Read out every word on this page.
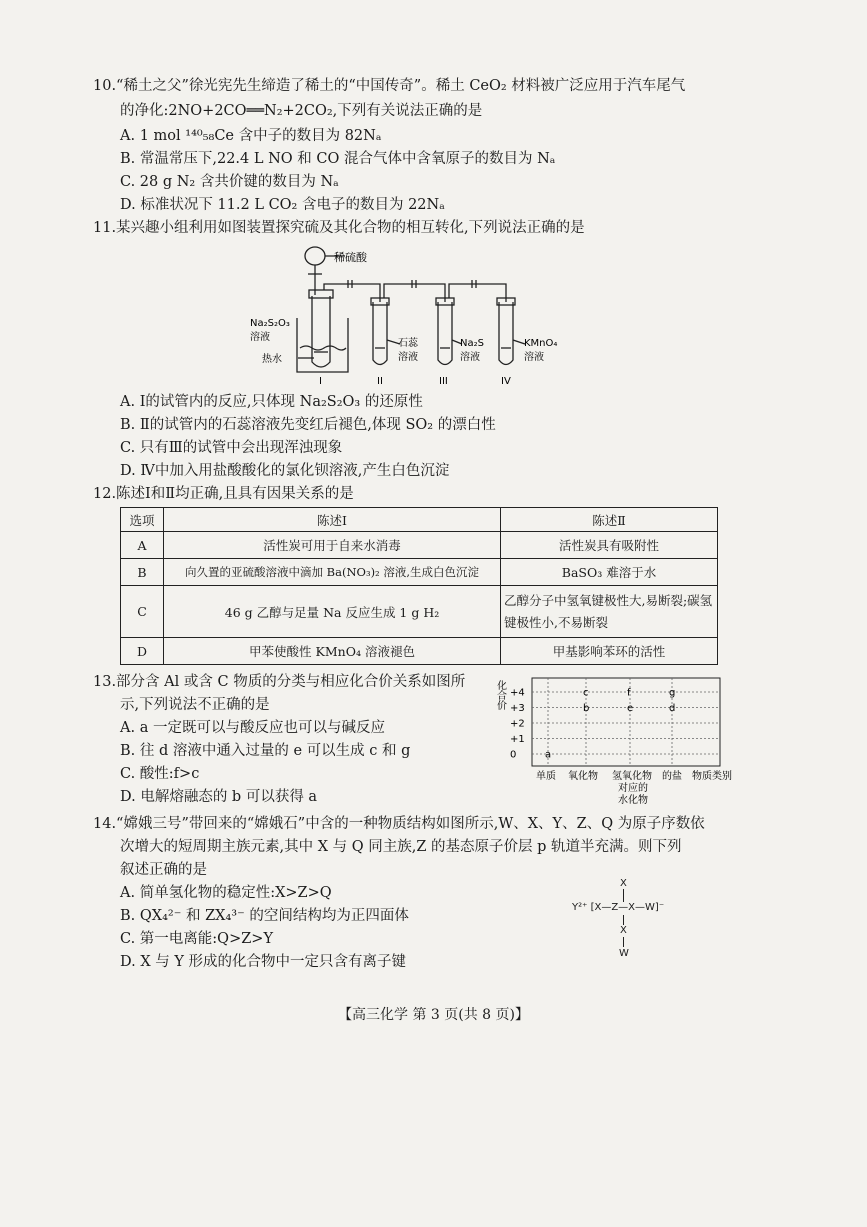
10.“稀土之父”徐光宪先生缔造了稀土的“中国传奇”。稀土 CeO₂ 材料被广泛应用于汽车尾气
的净化:2NO+2CO══N₂+2CO₂,下列有关说法正确的是
A. 1 mol ¹⁴⁰₅₈Ce 含中子的数目为 82Nₐ
B. 常温常压下,22.4 L NO 和 CO 混合气体中含氧原子的数目为 Nₐ
C. 28 g N₂ 含共价键的数目为 Nₐ
D. 标准状况下 11.2 L CO₂ 含电子的数目为 22Nₐ
11.某兴趣小组利用如图装置探究硫及其化合物的相互转化,下列说法正确的是
稀硫酸
Na₂S₂O₃
溶液
热水
石蕊
溶液
Na₂S
溶液
KMnO₄
溶液
I	II	III	IV
A. Ⅰ的试管内的反应,只体现 Na₂S₂O₃ 的还原性
B. Ⅱ的试管内的石蕊溶液先变红后褪色,体现 SO₂ 的漂白性
C. 只有Ⅲ的试管中会出现浑浊现象
D. Ⅳ中加入用盐酸酸化的氯化钡溶液,产生白色沉淀
12.陈述Ⅰ和Ⅱ均正确,且具有因果关系的是
选项	陈述Ⅰ	陈述Ⅱ
A	活性炭可用于自来水消毒	活性炭具有吸附性
B	向久置的亚硫酸溶液中滴加 Ba(NO₃)₂ 溶液,生成白色沉淀	BaSO₃ 难溶于水
C	46 g 乙醇与足量 Na 反应生成 1 g H₂	乙醇分子中氢氧键极性大,易断裂;碳氢键极性小,不易断裂
D	甲苯使酸性 KMnO₄ 溶液褪色	甲基影响苯环的活性
13.部分含 Al 或含 C 物质的分类与相应化合价关系如图所
示,下列说法不正确的是
A. a 一定既可以与酸反应也可以与碱反应
B. 往 d 溶液中通入过量的 e 可以生成 c 和 g
C. 酸性:f>c
D. 电解熔融态的 b 可以获得 a
化合价 +4
+3
+2
+1
0	a
b
c
e
f
d
g
单质 氧化物 氢氧化物
对应的
水化物
的盐 物质类别
14.“嫦娥三号”带回来的“嫦娥石”中含的一种物质结构如图所示,W、X、Y、Z、Q 为原子序数依
次增大的短周期主族元素,其中 X 与 Q 同主族,Z 的基态原子价层 p 轨道半充满。则下列
叙述正确的是
A. 简单氢化物的稳定性:X>Z>Q
B. QX₄²⁻ 和 ZX₄³⁻ 的空间结构均为正四面体
C. 第一电离能:Q>Z>Y
D. X 与 Y 形成的化合物中一定只含有离子键
X
Y²⁺ [X—Z—X—W]⁻
X
W
【高三化学 第 3 页(共 8 页)】
